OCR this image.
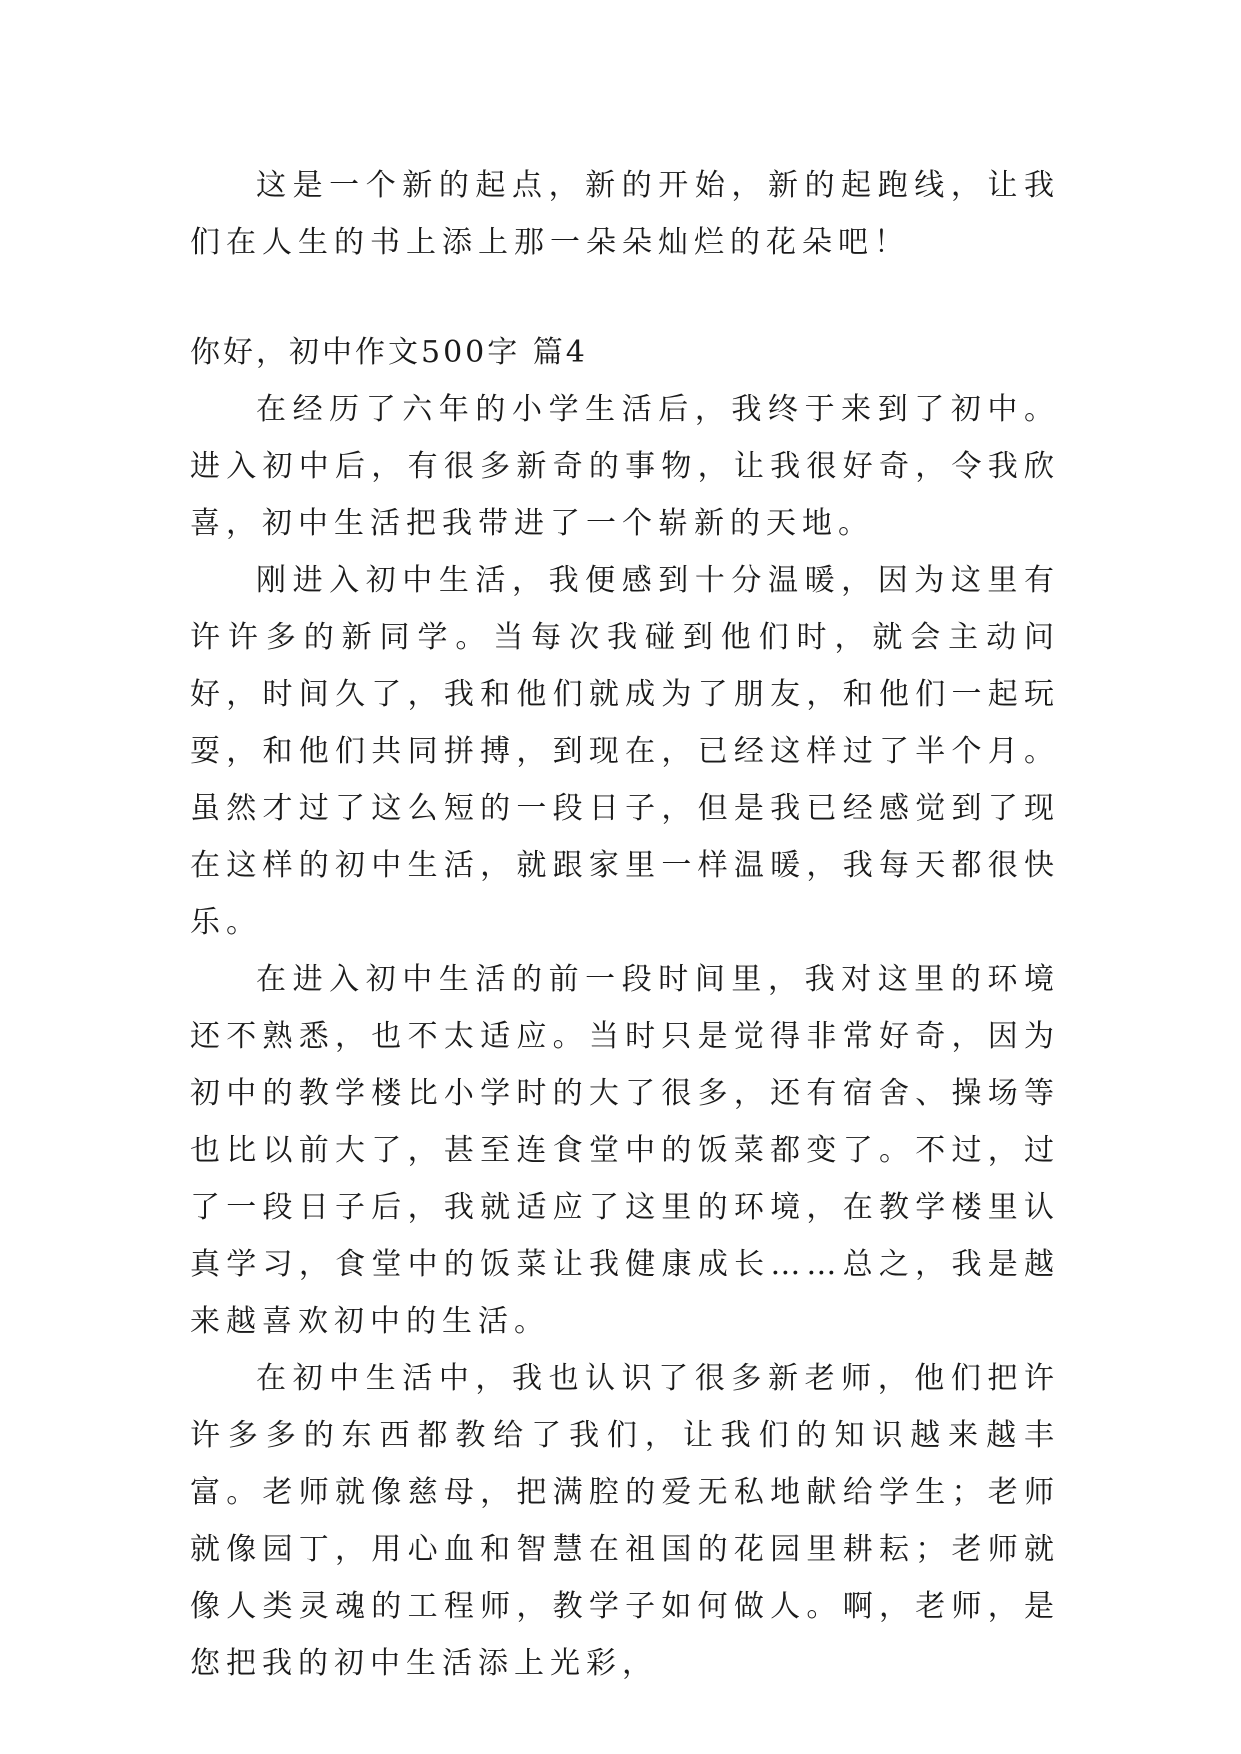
这是一个新的起点，新的开始，新的起跑线，让我们在人生的书上添上那一朵朵灿烂的花朵吧！

你好，初中作文500字 篇4

在经历了六年的小学生活后，我终于来到了初中。进入初中后，有很多新奇的事物，让我很好奇，令我欣喜，初中生活把我带进了一个崭新的天地。

刚进入初中生活，我便感到十分温暖，因为这里有许许多的新同学。当每次我碰到他们时，就会主动问好，时间久了，我和他们就成为了朋友，和他们一起玩耍，和他们共同拼搏，到现在，已经这样过了半个月。虽然才过了这么短的一段日子，但是我已经感觉到了现在这样的初中生活，就跟家里一样温暖，我每天都很快乐。

在进入初中生活的前一段时间里，我对这里的环境还不熟悉，也不太适应。当时只是觉得非常好奇，因为初中的教学楼比小学时的大了很多，还有宿舍、操场等也比以前大了，甚至连食堂中的饭菜都变了。不过，过了一段日子后，我就适应了这里的环境，在教学楼里认真学习，食堂中的饭菜让我健康成长……总之，我是越来越喜欢初中的生活。

在初中生活中，我也认识了很多新老师，他们把许许多多的东西都教给了我们，让我们的知识越来越丰富。老师就像慈母，把满腔的爱无私地献给学生；老师就像园丁，用心血和智慧在祖国的花园里耕耘；老师就像人类灵魂的工程师，教学子如何做人。啊，老师，是您把我的初中生活添上光彩，
